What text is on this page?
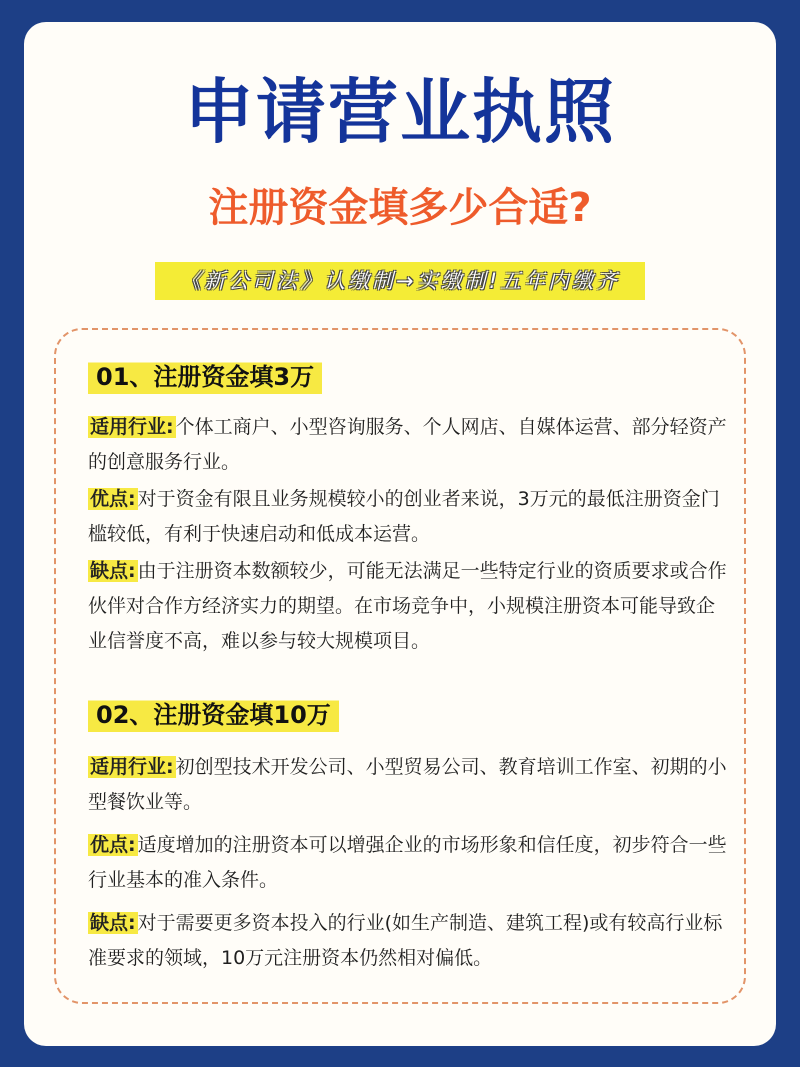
申请营业执照
注册资金填多少合适?
《新公司法》认缴制→实缴制!五年内缴齐
01、注册资金填3万
适用行业: 个体工商户、小型咨询服务、个人网店、自媒体运营、部分轻资产的创意服务行业。
优点: 对于资金有限且业务规模较小的创业者来说，3万元的最低注册资金门槛较低，有利于快速启动和低成本运营。
缺点: 由于注册资本数额较少，可能无法满足一些特定行业的资质要求或合作伙伴对合作方经济实力的期望。在市场竞争中，小规模注册资本可能导致企业信誉度不高，难以参与较大规模项目。
02、注册资金填10万
适用行业: 初创型技术开发公司、小型贸易公司、教育培训工作室、初期的小型餐饮业等。
优点: 适度增加的注册资本可以增强企业的市场形象和信任度，初步符合一些行业基本的准入条件。
缺点: 对于需要更多资本投入的行业(如生产制造、建筑工程)或有较高行业标准要求的领域，10万元注册资本仍然相对偏低。
